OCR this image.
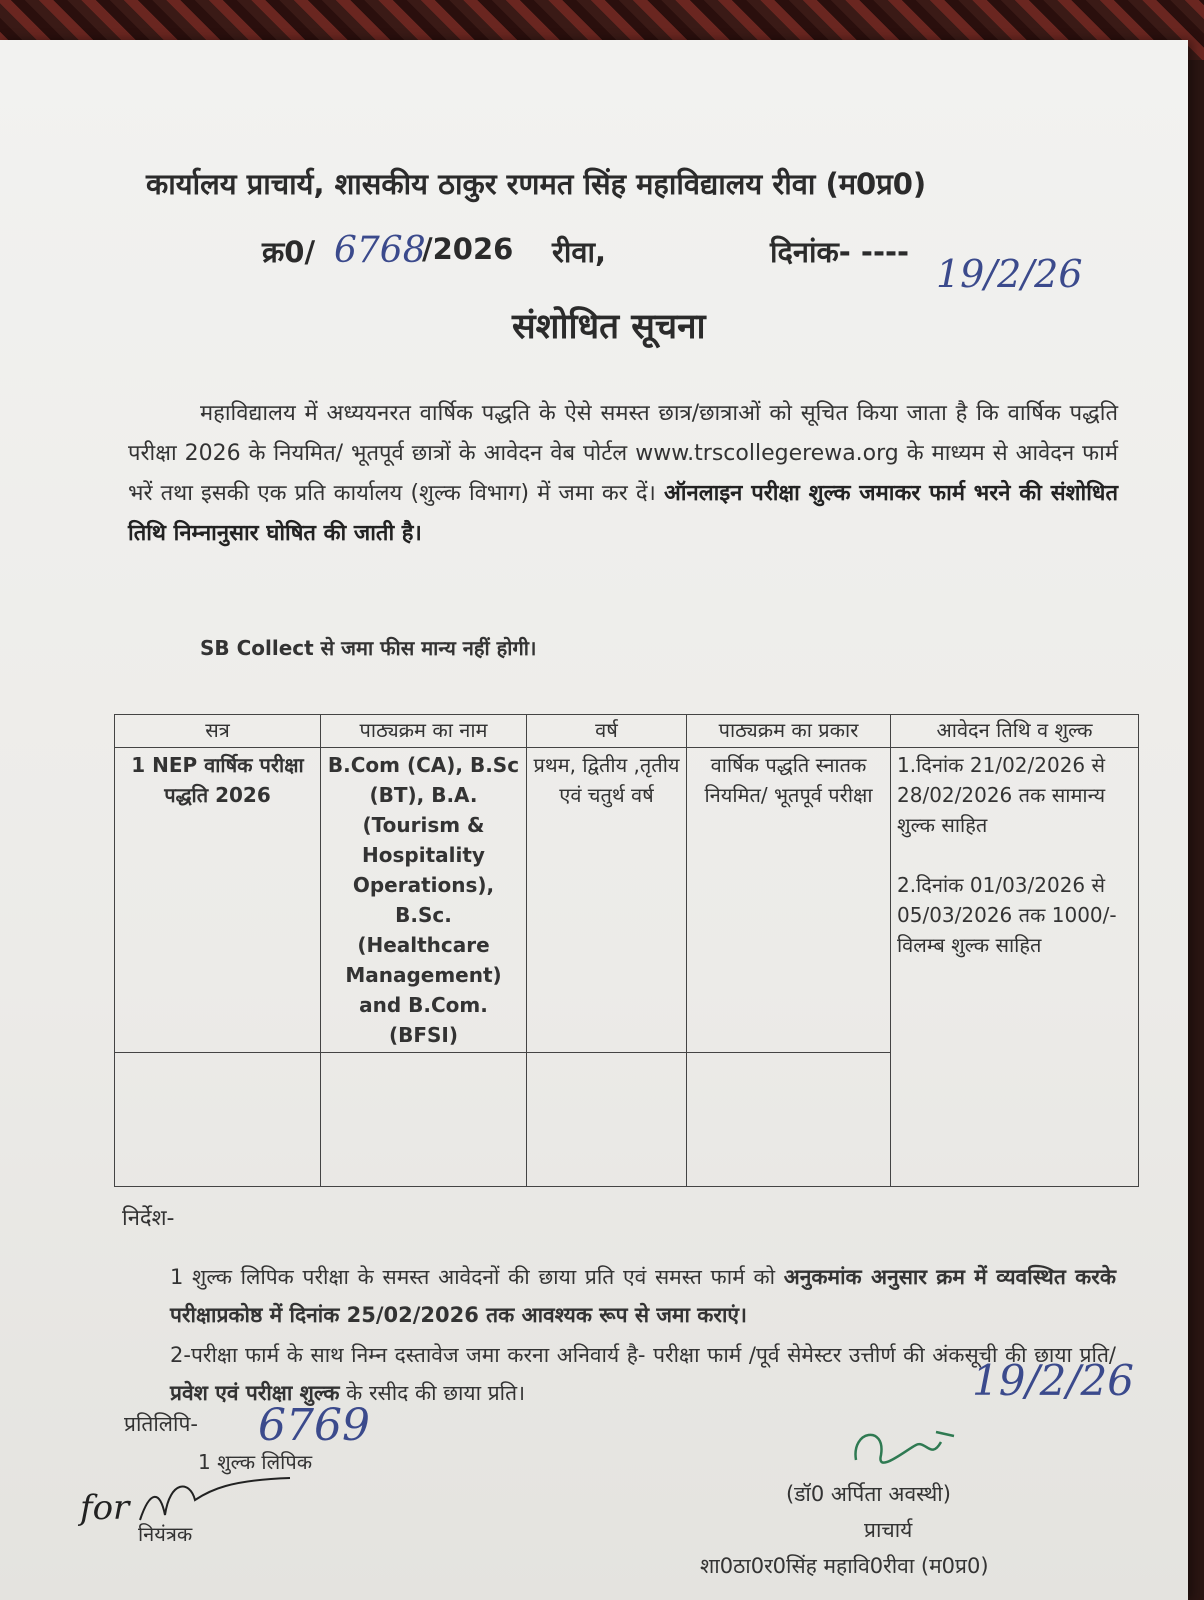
कार्यालय प्राचार्य, शासकीय ठाकुर रणमत सिंह महाविद्यालय रीवा (म0प्र0)
क्र0/ 6768
/2026 रीवा,	दिनांक- ---- 19/2/26
संशोधित सूचना
महाविद्यालय में अध्ययनरत वार्षिक पद्धति के ऐसे समस्त छात्र/छात्राओं को सूचित किया जाता है कि वार्षिक पद्धति परीक्षा 2026 के नियमित/ भूतपूर्व छात्रों के आवेदन वेब पोर्टल www.trscollegerewa.org के माध्यम से आवेदन फार्म भरें तथा इसकी एक प्रति कार्यालय (शुल्क विभाग) में जमा कर दें। ऑनलाइन परीक्षा शुल्क जमाकर फार्म भरने की संशोधित तिथि निम्नानुसार घोषित की जाती है।
SB Collect से जमा फीस मान्य नहीं होगी।
सत्र	पाठ्यक्रम का नाम	वर्ष	पाठ्यक्रम का प्रकार	आवेदन तिथि व शुल्क
1 NEP वार्षिक परीक्षा पद्धति 2026	B.Com (CA), B.Sc (BT), B.A. (Tourism & Hospitality Operations), B.Sc. (Healthcare Management) and B.Com. (BFSI)	प्रथम, द्वितीय ,तृतीय एवं चतुर्थ वर्ष	वार्षिक पद्धति स्नातक नियमित/ भूतपूर्व परीक्षा	1.दिनांक 21/02/2026 से 28/02/2026 तक सामान्य शुल्क साहित
2.दिनांक 01/03/2026 से 05/03/2026 तक 1000/- विलम्ब शुल्क साहित

निर्देश-
1 शुल्क लिपिक परीक्षा के समस्त आवेदनों की छाया प्रति एवं समस्त फार्म को अनुकमांक अनुसार क्रम में व्यवस्थित करके परीक्षाप्रकोष्ठ में दिनांक 25/02/2026 तक आवश्यक रूप से जमा कराएं।
2-परीक्षा फार्म के साथ निम्न दस्तावेज जमा करना अनिवार्य है- परीक्षा फार्म /पूर्व सेमेस्टर उत्तीर्ण की अंकसूची की छाया प्रति/ प्रवेश एवं परीक्षा शुल्क के रसीद की छाया प्रति।	19/2/26
प्रतिलिपि- 6769
1 शुल्क लिपिक
(डॉ0 अर्पिता अवस्थी)
प्राचार्य
शा0ठा0र0सिंह महावि0रीवा (म0प्र0)
for
नियंत्रक
